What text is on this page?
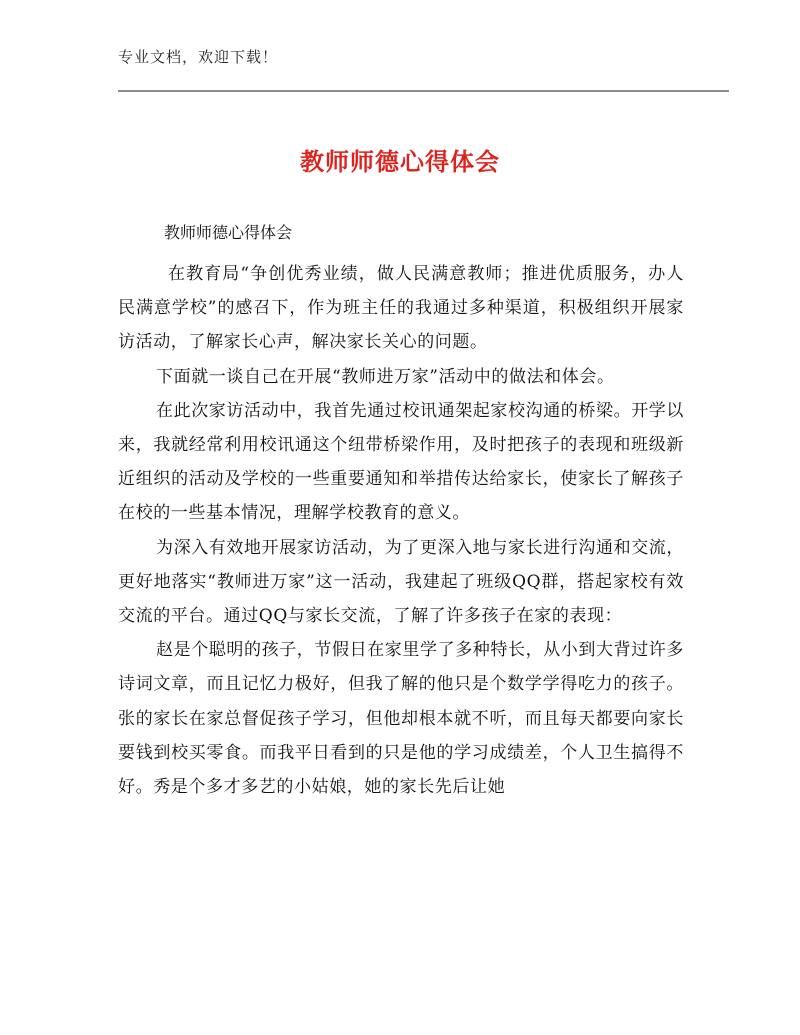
专业文档，欢迎下载！
教师师德心得体会
教师师德心得体会

在教育局“争创优秀业绩，做人民满意教师；推进优质服务，办人民满意学校”的感召下，作为班主任的我通过多种渠道，积极组织开展家访活动，了解家长心声，解决家长关心的问题。

下面就一谈自己在开展“教师进万家”活动中的做法和体会。

在此次家访活动中，我首先通过校讯通架起家校沟通的桥梁。开学以来，我就经常利用校讯通这个纽带桥梁作用，及时把孩子的表现和班级新近组织的活动及学校的一些重要通知和举措传达给家长，使家长了解孩子在校的一些基本情况，理解学校教育的意义。

为深入有效地开展家访活动，为了更深入地与家长进行沟通和交流，更好地落实“教师进万家”这一活动，我建起了班级QQ群，搭起家校有效交流的平台。通过QQ与家长交流，了解了许多孩子在家的表现：

赵是个聪明的孩子，节假日在家里学了多种特长，从小到大背过许多诗词文章，而且记忆力极好，但我了解的他只是个数学学得吃力的孩子。张的家长在家总督促孩子学习，但他却根本就不听，而且每天都要向家长要钱到校买零食。而我平日看到的只是他的学习成绩差，个人卫生搞得不好。秀是个多才多艺的小姑娘，她的家长先后让她
